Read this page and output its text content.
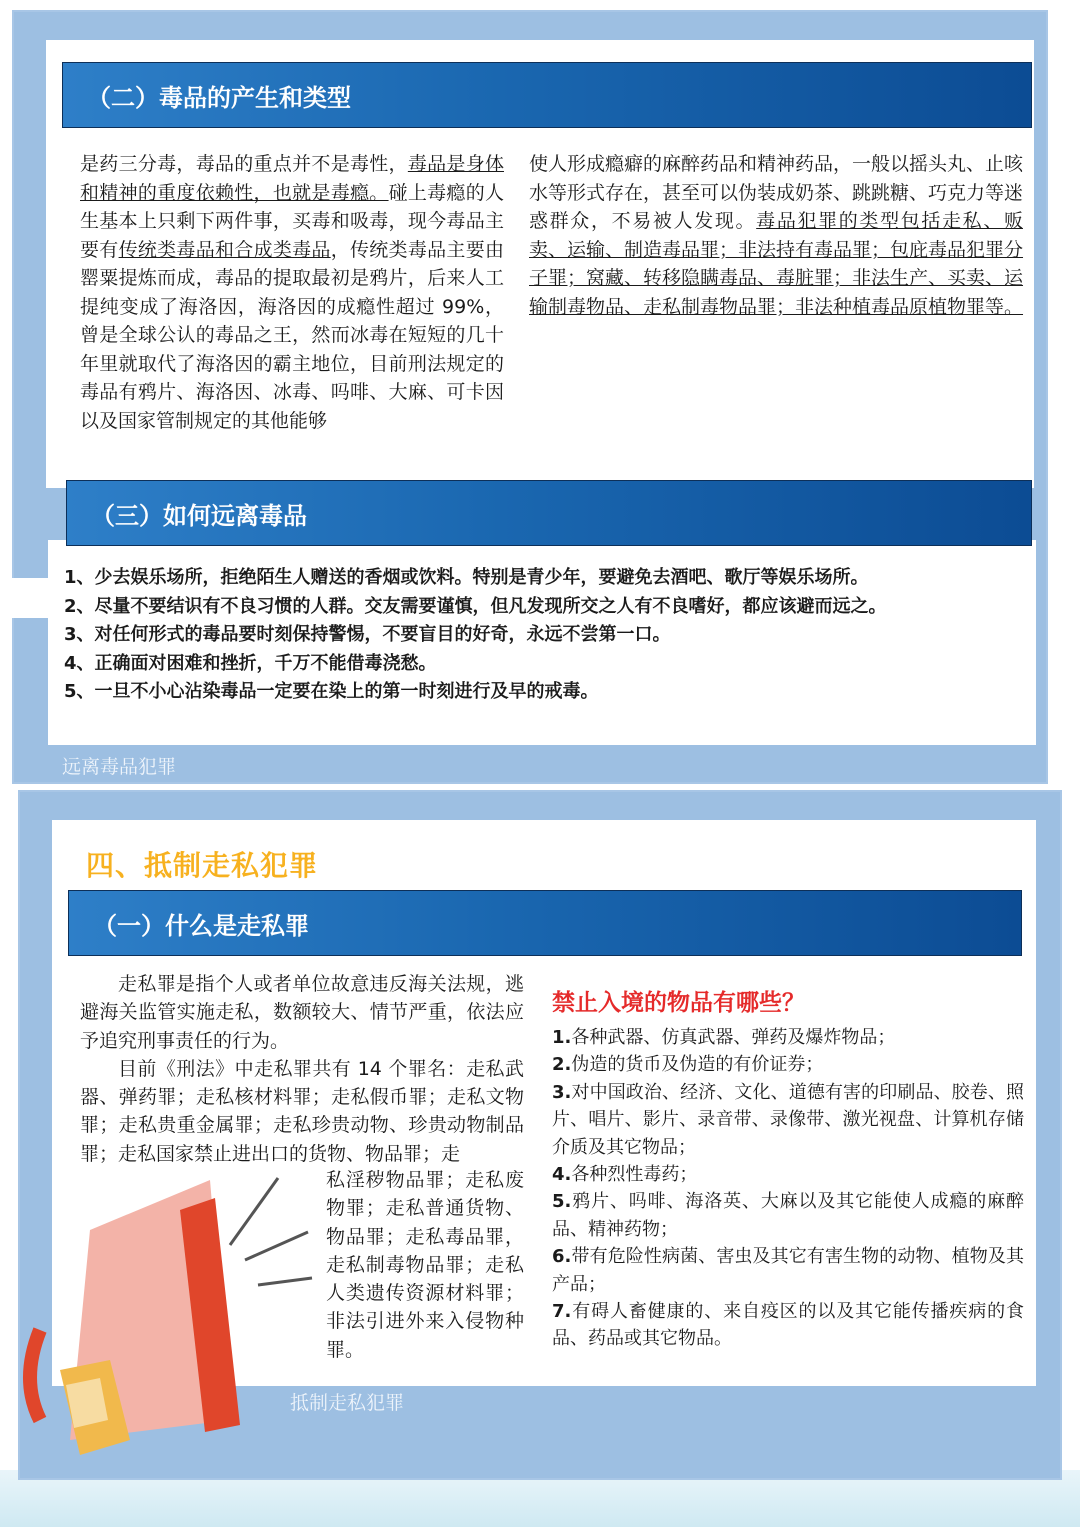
（二）毒品的产生和类型
是药三分毒，毒品的重点并不是毒性，毒品是身体和精神的重度依赖性，也就是毒瘾。碰上毒瘾的人生基本上只剩下两件事，买毒和吸毒，现今毒品主要有传统类毒品和合成类毒品，传统类毒品主要由罂粟提炼而成，毒品的提取最初是鸦片，后来人工提纯变成了海洛因，海洛因的成瘾性超过 99%，曾是全球公认的毒品之王，然而冰毒在短短的几十年里就取代了海洛因的霸主地位，目前刑法规定的毒品有鸦片、海洛因、冰毒、吗啡、大麻、可卡因以及国家管制规定的其他能够
使人形成瘾癖的麻醉药品和精神药品，一般以摇头丸、止咳水等形式存在，甚至可以伪装成奶茶、跳跳糖、巧克力等迷惑群众，不易被人发现。毒品犯罪的类型包括走私、贩卖、运输、制造毒品罪；非法持有毒品罪；包庇毒品犯罪分子罪；窝藏、转移隐瞒毒品、毒脏罪；非法生产、买卖、运输制毒物品、走私制毒物品罪；非法种植毒品原植物罪等。
（三）如何远离毒品
1、少去娱乐场所，拒绝陌生人赠送的香烟或饮料。特别是青少年，要避免去酒吧、歌厅等娱乐场所。
2、尽量不要结识有不良习惯的人群。交友需要谨慎，但凡发现所交之人有不良嗜好，都应该避而远之。
3、对任何形式的毒品要时刻保持警惕，不要盲目的好奇，永远不尝第一口。
4、正确面对困难和挫折，千万不能借毒浇愁。
5、一旦不小心沾染毒品一定要在染上的第一时刻进行及早的戒毒。
远离毒品犯罪
四、抵制走私犯罪
（一）什么是走私罪

走私罪是指个人或者单位故意违反海关法规，逃避海关监管实施走私，数额较大、情节严重，依法应予追究刑事责任的行为。

目前《刑法》中走私罪共有 14 个罪名：走私武器、弹药罪；走私核材料罪；走私假币罪；走私文物罪；走私贵重金属罪；走私珍贵动物、珍贵动物制品罪；走私国家禁止进出口的货物、物品罪；走

私淫秽物品罪；走私废物罪；走私普通货物、物品罪；走私毒品罪，走私制毒物品罪；走私人类遗传资源材料罪；非法引进外来入侵物种罪。

禁止入境的物品有哪些？
1.各种武器、仿真武器、弹药及爆炸物品；
2.伪造的货币及伪造的有价证券；
3.对中国政治、经济、文化、道德有害的印刷品、胶卷、照片、唱片、影片、录音带、录像带、激光视盘、计算机存储介质及其它物品；
4.各种烈性毒药；
5.鸦片、吗啡、海洛英、大麻以及其它能使人成瘾的麻醉品、精神药物；
6.带有危险性病菌、害虫及其它有害生物的动物、植物及其产品；
7.有碍人畜健康的、来自疫区的以及其它能传播疾病的食品、药品或其它物品。
抵制走私犯罪
